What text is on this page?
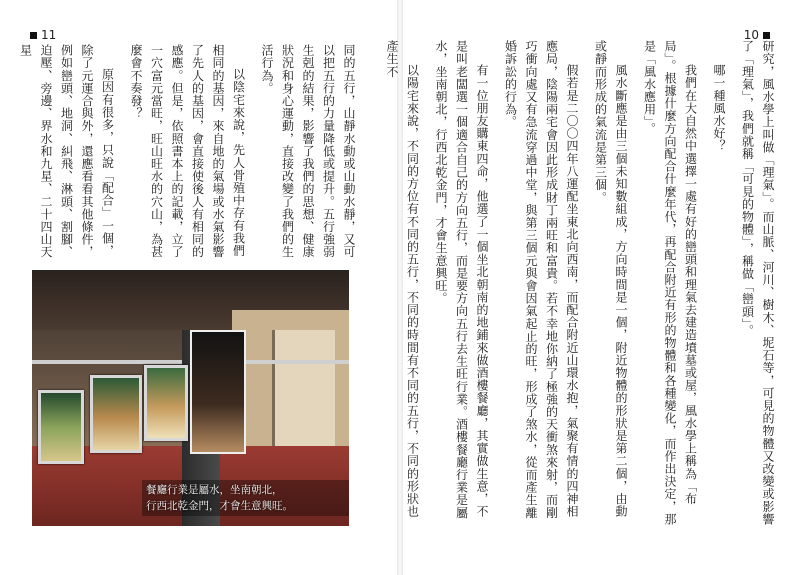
11

同的五行，山靜水動或山動水靜，又可以把五行的力量降低或提升。五行強弱生剋的結果，影響了我們的思想、健康狀況和身心運動，直接改變了我們的生活行為。

以陰宅來說，先人骨殖中存有我們相同的基因，來自地的氣場或水氣影響了先人的基因，會直接使後人有相同的感應。但是，依照書本上的記載，立了一穴富元當旺，旺山旺水的穴山，為甚麼會不奏發？

原因有很多，只說「配合」一個，除了元運合與外，還應看看其他條件，例如巒頭、地洞、糾飛、淋頭、割腳、迫壓、旁邊、界水和九星、二十四山天星

餐廳行業是屬水，坐南朝北，
行西北乾金門，才會生意興旺。
10

研究，風水學上叫做「理氣」。而山脈、河川、樹木、坭石等，可見的物體又改變或影響了「理氣」，我們就稱「可見的物體」，稱做「巒頭」。

哪一種風水好？

我們在大自然中選擇一處有好的巒頭和理氣去建造墳墓或屋，風水學上稱為「布局」。根據什麼方向配合什麼年代，再配合附近有形的物體和各種變化，而作出決定，那是「風水應用」。

風水斷應是由三個未知數組成，方向時間是一個，附近物體的形狀是第二個，由動或靜而形成的氣流是第三個。

假若是二〇〇四年八運配坐東北向西南，而配合附近山環水抱，氣聚有情的四神相應局，陰陽兩宅會因此形成財丁兩旺和富貴。若不幸地你納了極強的天衝煞來射，而剛巧衝向處又有急流穿過中堂，與第三個元與會因氣起止的旺，形成了煞水，從而產生離婚訴訟的行為。

有一位朋友購東四命，他選了一個坐北朝南的地鋪來做酒樓餐廳，其實做生意，不是叫老闆選一個適合自己的方向五行，而是要方向五行去生旺行業。酒樓餐廳行業是屬水，坐南朝北，行西北乾金門，才會生意興旺。

以陽宅來說，不同的方位有不同的五行，不同的時間有不同的五行，不同的形狀也產生不
